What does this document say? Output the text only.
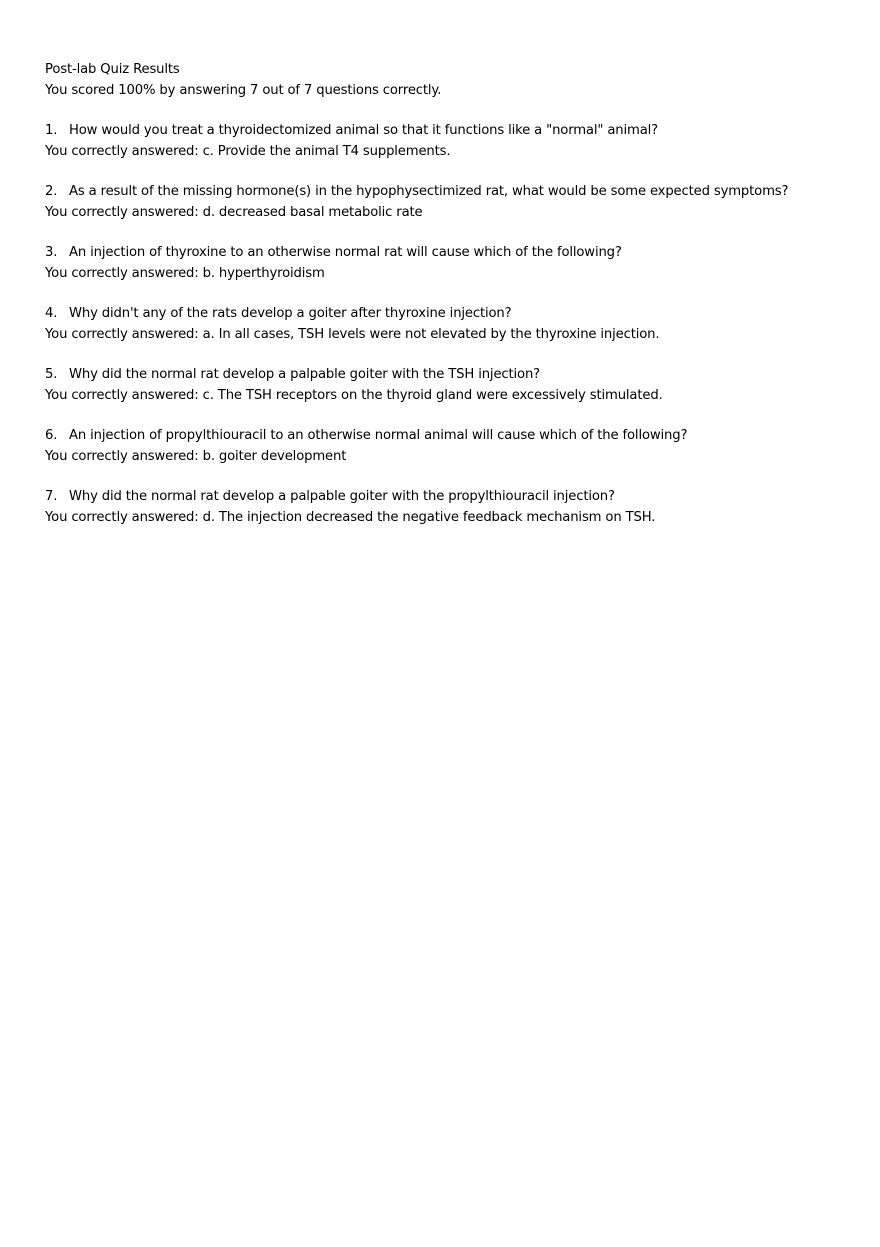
Post-lab Quiz Results
You scored 100% by answering 7 out of 7 questions correctly.
1. How would you treat a thyroidectomized animal so that it functions like a "normal" animal?
You correctly answered: c. Provide the animal T4 supplements.
2. As a result of the missing hormone(s) in the hypophysectimized rat, what would be some expected symptoms?
You correctly answered: d. decreased basal metabolic rate
3. An injection of thyroxine to an otherwise normal rat will cause which of the following?
You correctly answered: b. hyperthyroidism
4. Why didn't any of the rats develop a goiter after thyroxine injection?
You correctly answered: a. In all cases, TSH levels were not elevated by the thyroxine injection.
5. Why did the normal rat develop a palpable goiter with the TSH injection?
You correctly answered: c. The TSH receptors on the thyroid gland were excessively stimulated.
6. An injection of propylthiouracil to an otherwise normal animal will cause which of the following?
You correctly answered: b. goiter development
7. Why did the normal rat develop a palpable goiter with the propylthiouracil injection?
You correctly answered: d. The injection decreased the negative feedback mechanism on TSH.
